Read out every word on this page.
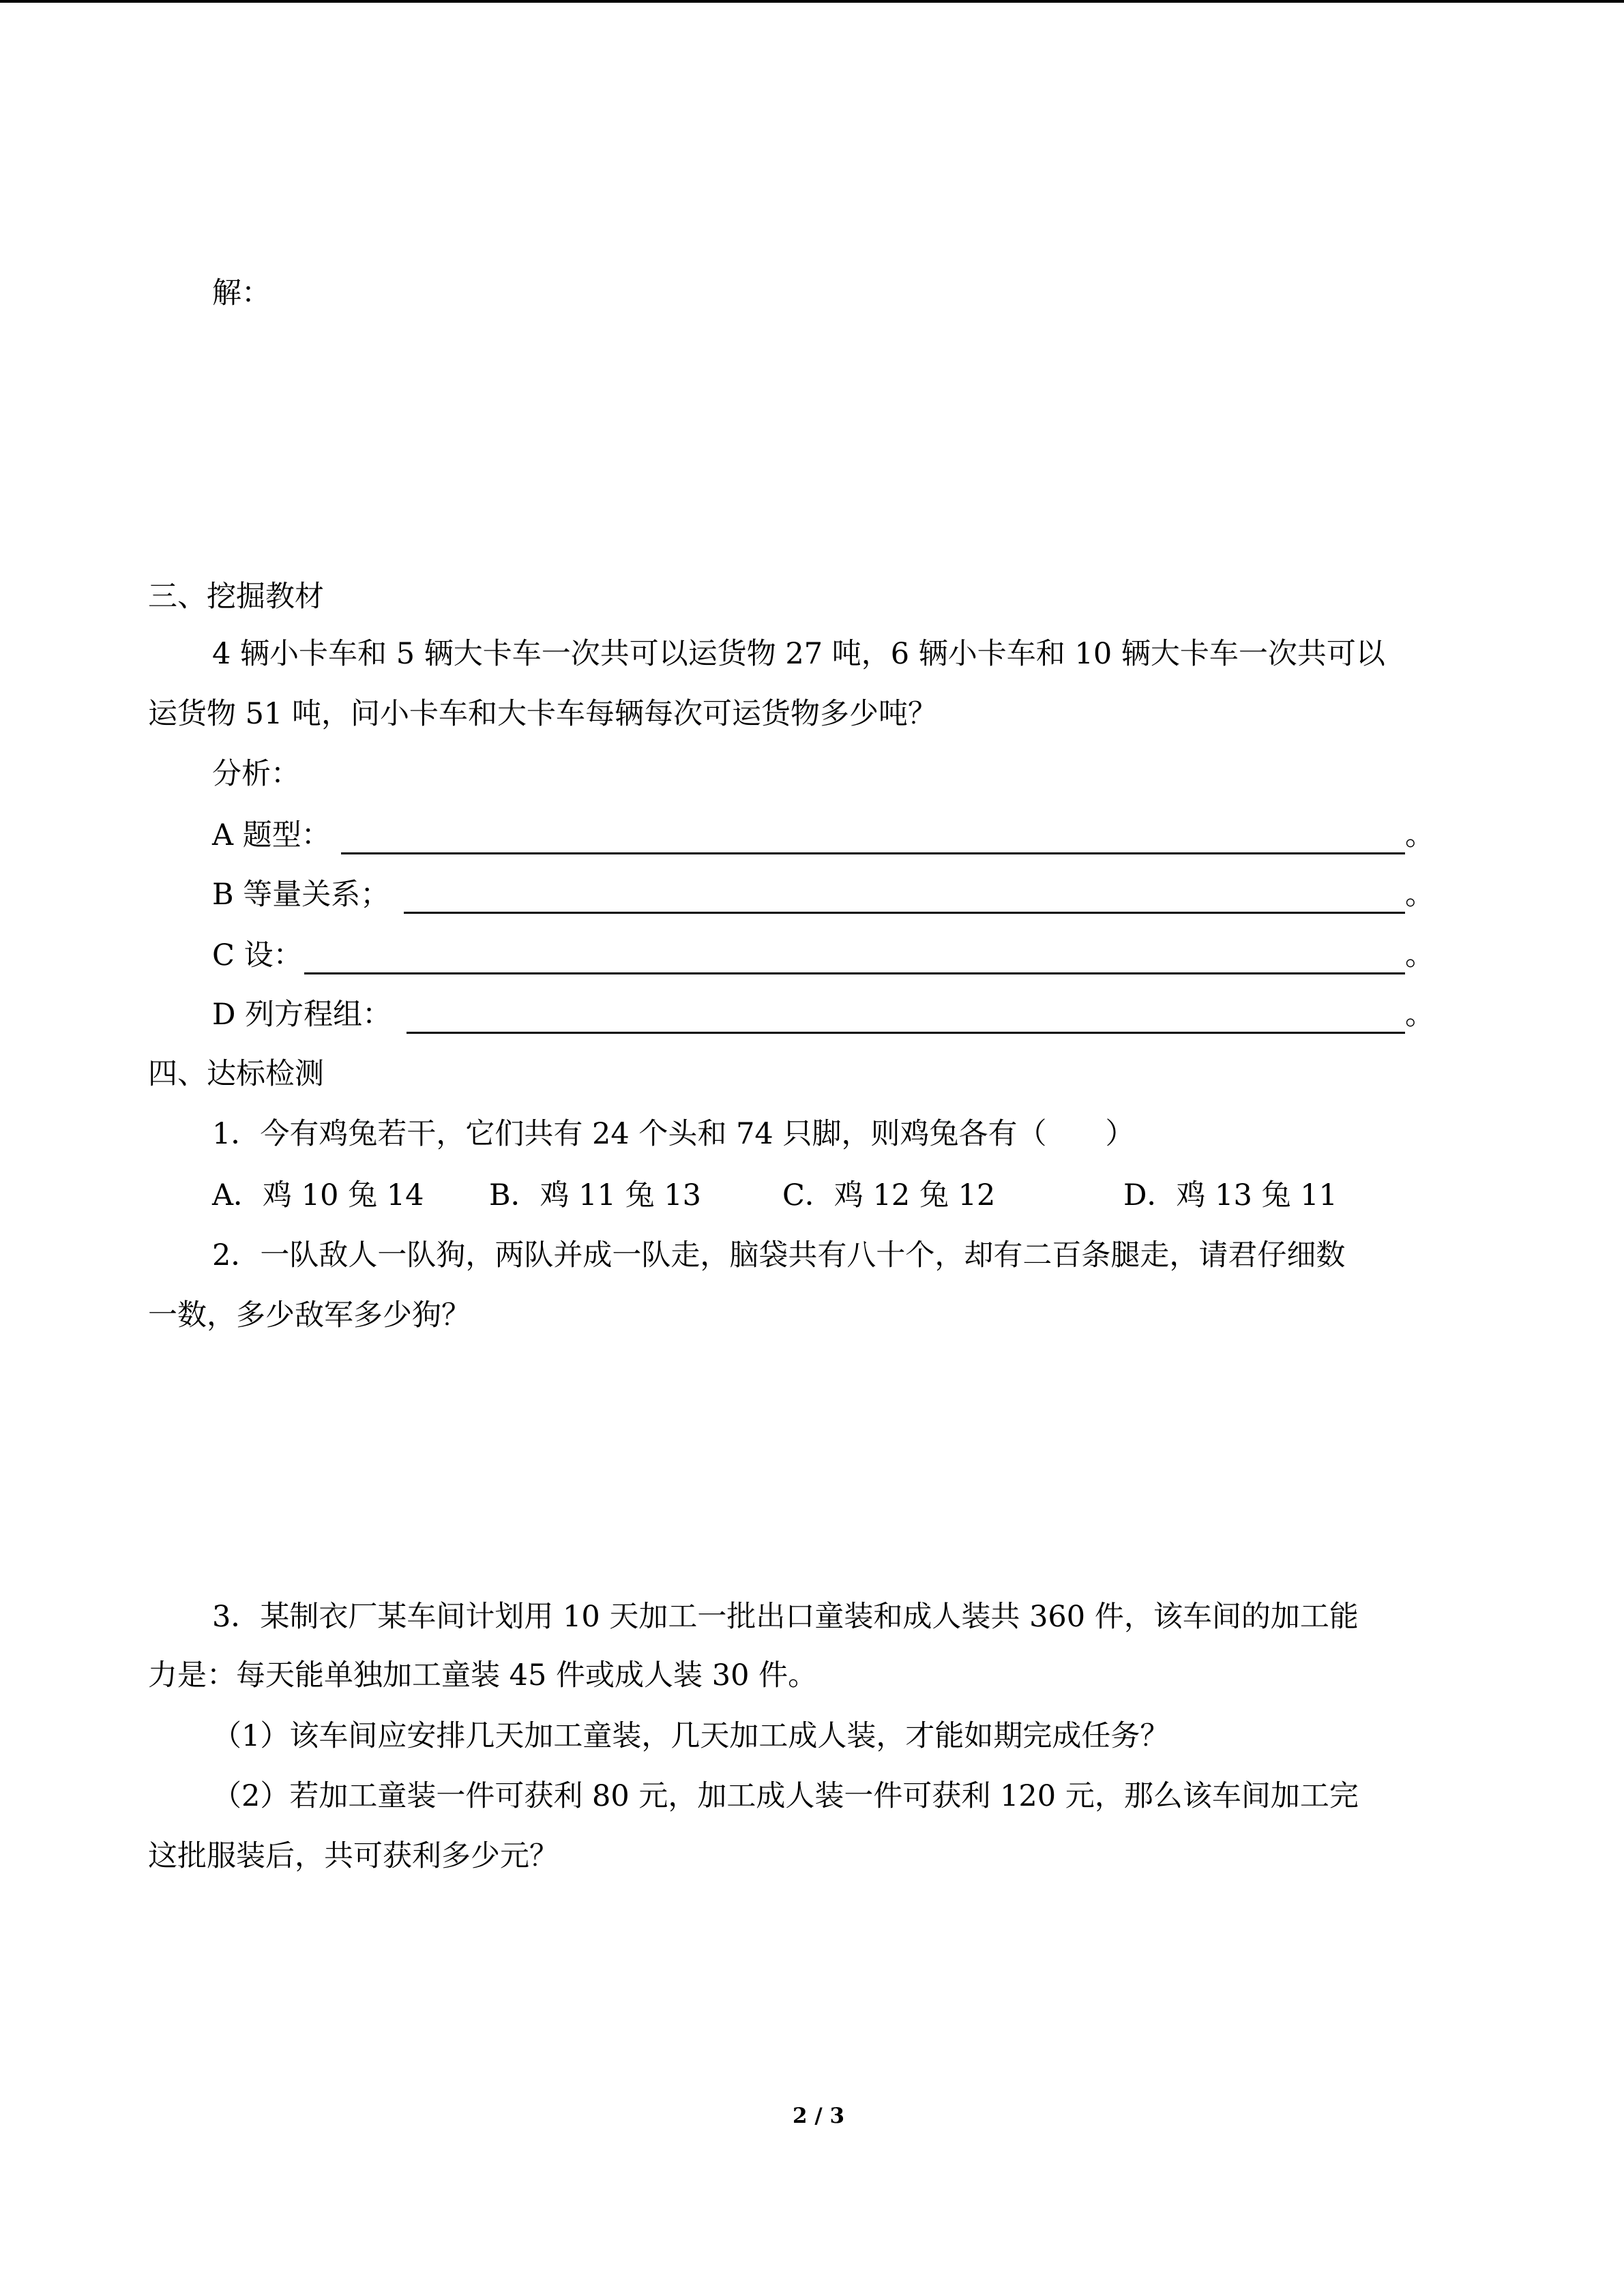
解：
三、挖掘教材
4 辆小卡车和 5 辆大卡车一次共可以运货物 27 吨，6 辆小卡车和 10 辆大卡车一次共可以
运货物 51 吨，问小卡车和大卡车每辆每次可运货物多少吨？
分析：
A 题型：	。
B 等量关系；	。
C 设：	。
D 列方程组：	。
四、达标检测
1．今有鸡兔若干，它们共有 24 个头和 74 只脚，则鸡兔各有（　　）
A．鸡 10 兔 14 B．鸡 11 兔 13	C．鸡 12 兔 12	D．鸡 13 兔 11
2．一队敌人一队狗，两队并成一队走，脑袋共有八十个，却有二百条腿走，请君仔细数
一数，多少敌军多少狗？
3．某制衣厂某车间计划用 10 天加工一批出口童装和成人装共 360 件，该车间的加工能
力是：每天能单独加工童装 45 件或成人装 30 件。
（1）该车间应安排几天加工童装，几天加工成人装，才能如期完成任务？
（2）若加工童装一件可获利 80 元，加工成人装一件可获利 120 元，那么该车间加工完
这批服装后，共可获利多少元？
2 / 3
